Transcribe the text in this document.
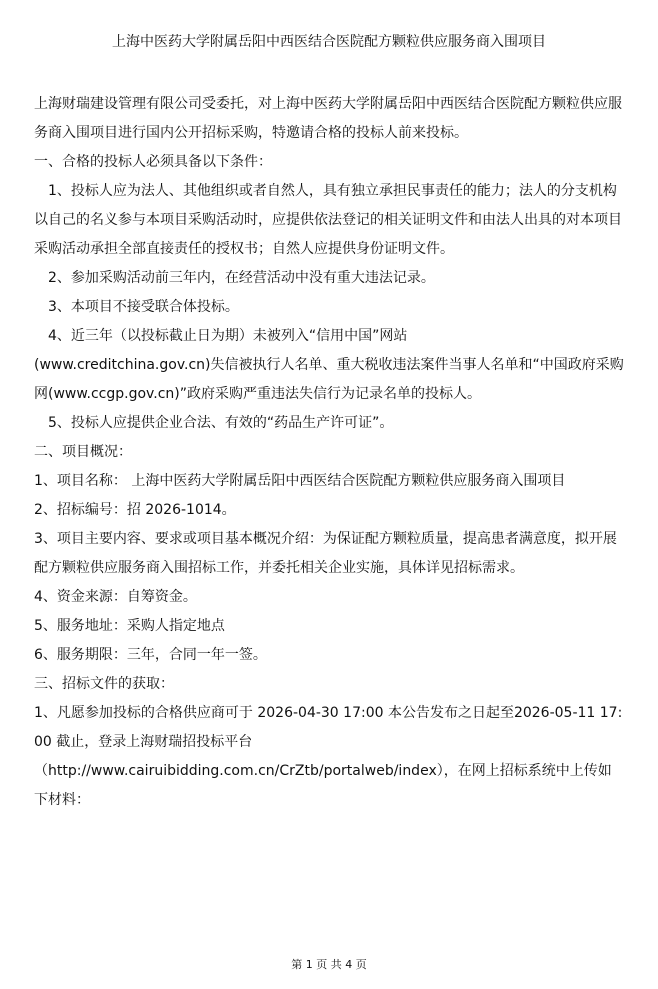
上海中医药大学附属岳阳中西医结合医院配方颗粒供应服务商入围项目

上海财瑞建设管理有限公司受委托，对上海中医药大学附属岳阳中西医结合医院配方颗粒供应服务商入围项目进行国内公开招标采购，特邀请合格的投标人前来投标。

一、合格的投标人必须具备以下条件：

1、投标人应为法人、其他组织或者自然人，具有独立承担民事责任的能力；法人的分支机构以自己的名义参与本项目采购活动时，应提供依法登记的相关证明文件和由法人出具的对本项目采购活动承担全部直接责任的授权书；自然人应提供身份证明文件。

2、参加采购活动前三年内，在经营活动中没有重大违法记录。

3、本项目不接受联合体投标。

4、近三年（以投标截止日为期）未被列入“信用中国”网站

(www.creditchina.gov.cn)失信被执行人名单、重大税收违法案件当事人名单和“中国政府采购网(www.ccgp.gov.cn)”政府采购严重违法失信行为记录名单的投标人。

5、投标人应提供企业合法、有效的“药品生产许可证”。

二、项目概况：

1、项目名称： 上海中医药大学附属岳阳中西医结合医院配方颗粒供应服务商入围项目

2、招标编号：招 2026-1014。

3、项目主要内容、要求或项目基本概况介绍：为保证配方颗粒质量，提高患者满意度，拟开展配方颗粒供应服务商入围招标工作，并委托相关企业实施，具体详见招标需求。

4、资金来源：自筹资金。

5、服务地址：采购人指定地点

6、服务期限：三年，合同一年一签。

三、招标文件的获取：

1、凡愿参加投标的合格供应商可于 2026-04-30 17:00 本公告发布之日起至2026-05-11 17:00 截止，登录上海财瑞招投标平台

（http://www.cairuibidding.com.cn/CrZtb/portalweb/index），在网上招标系统中上传如下材料：

第 1 页 共 4 页
